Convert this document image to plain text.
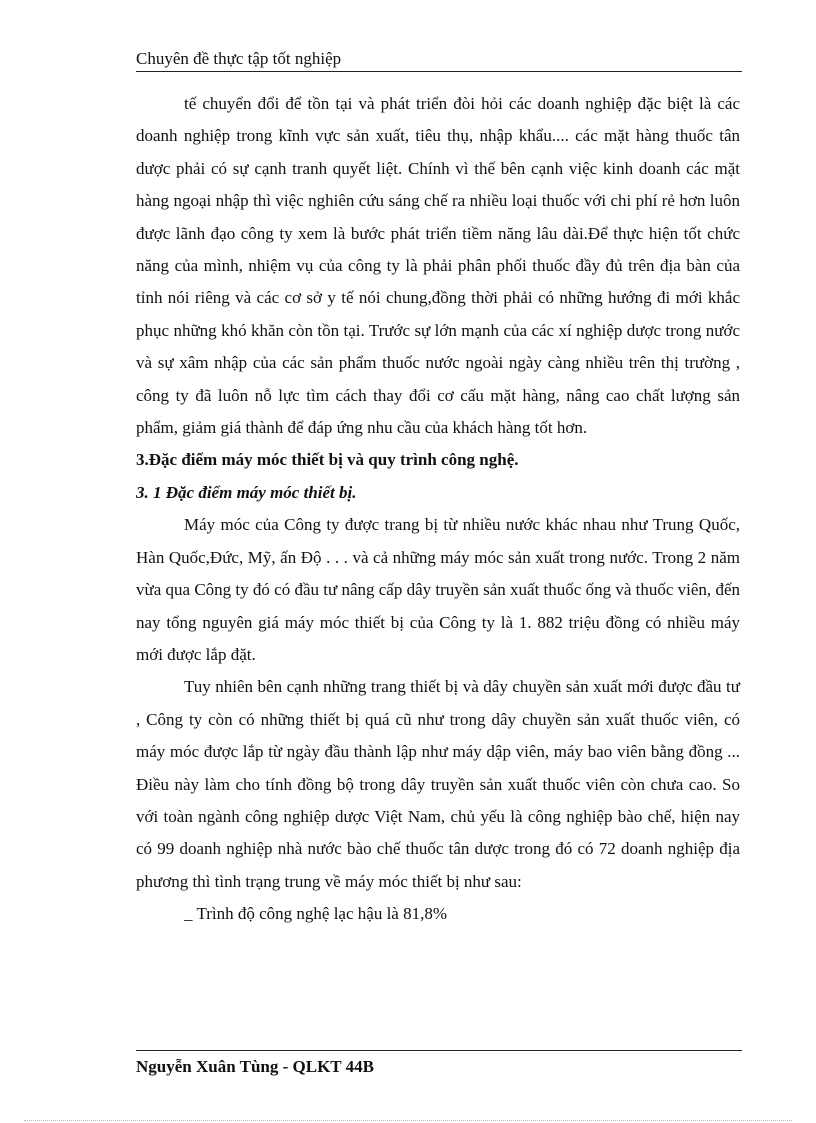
Chuyên đề thực tập tốt nghiệp

tế chuyển đổi để tồn tại và phát triển đòi hỏi các doanh nghiệp đặc biệt là các doanh nghiệp trong kĩnh vực sản xuất, tiêu thụ, nhập khẩu.... các mặt hàng thuốc tân dược phải có sự cạnh tranh quyết liệt. Chính vì thế bên cạnh việc kinh doanh các mặt hàng ngoại nhập thì việc nghiên cứu sáng chế ra nhiều loại thuốc với chi phí rẻ hơn luôn được lãnh đạo công ty xem là bước phát triển tiềm năng lâu dài.Để thực hiện tốt chức năng của mình, nhiệm vụ của công ty là phải phân phối thuốc đầy đủ trên địa bàn của tỉnh nói riêng và các cơ sở y tế nói chung,đồng thời phải có những hướng đi mới khắc phục những khó khăn còn tồn tại. Trước sự lớn mạnh của các xí nghiệp dược trong nước và sự xâm nhập của các sản phẩm thuốc nước ngoài ngày càng nhiều trên thị trường , công ty đã luôn nỗ lực tìm cách thay đổi cơ cấu mặt hàng, nâng cao chất lượng sản phẩm, giảm giá thành để đáp ứng nhu cầu của khách hàng tốt hơn.

3.Đặc điểm máy móc thiết bị và quy trình công nghệ.

3. 1 Đặc điểm máy móc thiết bị.

Máy móc của Công ty được trang bị từ nhiều nước khác nhau như Trung Quốc, Hàn Quốc,Đức, Mỹ, ấn Độ . . . và cả những máy móc sản xuất trong nước. Trong 2 năm vừa qua Công ty đó có đầu tư nâng cấp dây truyền sản xuất thuốc ống và thuốc viên, đến nay tổng nguyên giá máy móc thiết bị của Công ty là 1. 882 triệu đồng có nhiều máy mới được lắp đặt.

Tuy nhiên bên cạnh những trang thiết bị và dây chuyền sản xuất mới được đầu tư , Công ty còn có những thiết bị quá cũ như trong dây chuyền sản xuất thuốc viên, có máy móc được lắp từ ngày đầu thành lập như máy dập viên, máy bao viên bằng đồng ... Điều này làm cho tính đồng bộ trong dây truyền sản xuất thuốc viên còn chưa cao. So với toàn ngành công nghiệp dược Việt Nam, chủ yếu là công nghiệp bào chế, hiện nay có 99 doanh nghiệp nhà nước bào chế thuốc tân dược trong đó có 72 doanh nghiệp địa phương thì tình trạng trung về máy móc thiết bị như sau:

_ Trình độ công nghệ lạc hậu là 81,8%

Nguyễn Xuân Tùng - QLKT 44B
